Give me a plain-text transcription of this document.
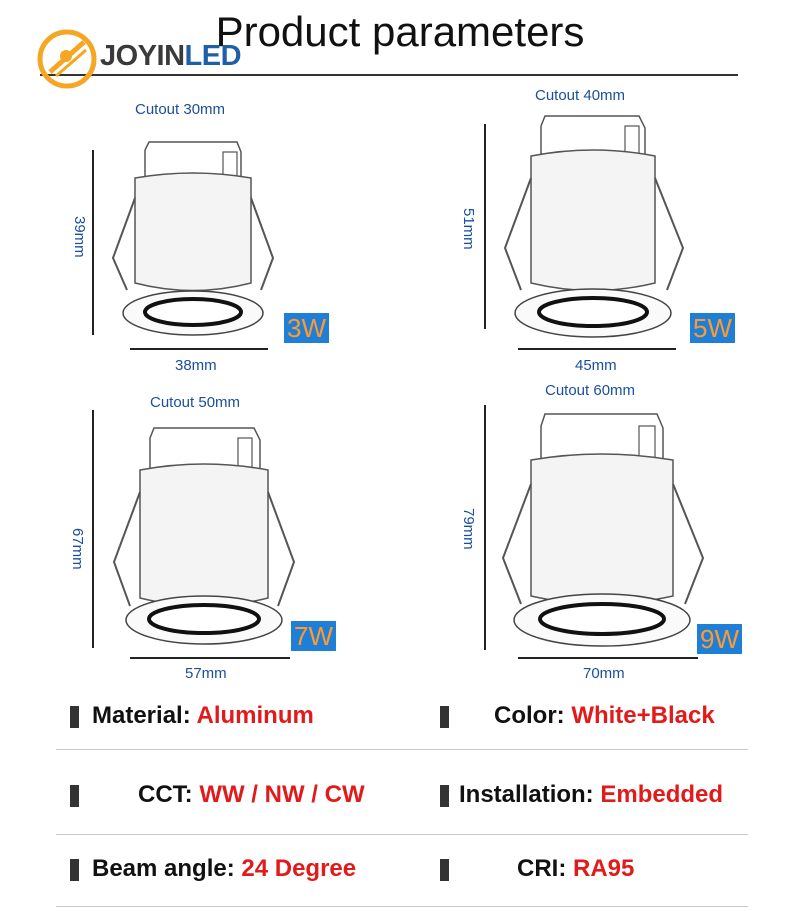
Product parameters
JOYINLED
Cutout 30mm
39mm
38mm
3W
Cutout 40mm
51mm
45mm
5W
Cutout 50mm
67mm
57mm
7W
Cutout 60mm
79mm
70mm
9W
Material: Aluminum	Color: White+Black
CCT: WW / NW / CW	Installation: Embedded
Beam angle: 24 Degree	CRI: RA95
